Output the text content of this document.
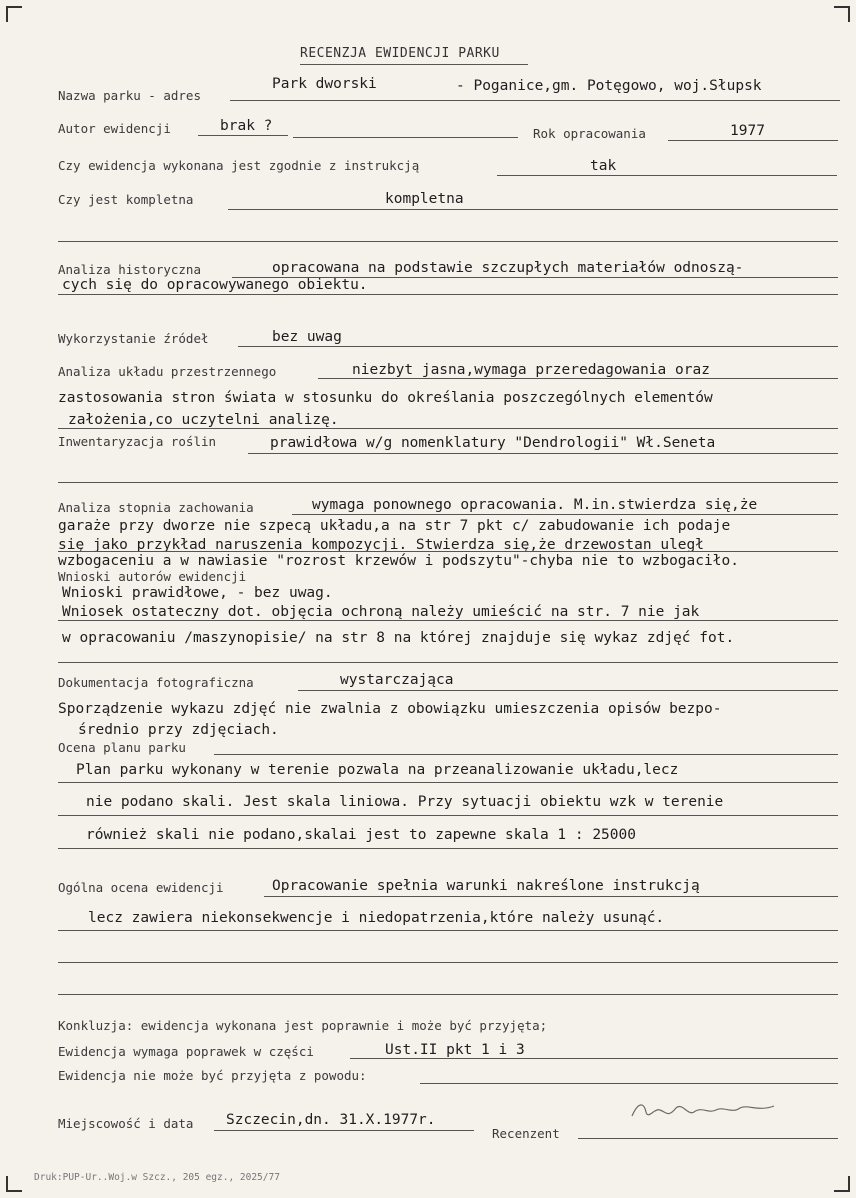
RECENZJA EWIDENCJI PARKU
Nazwa parku - adres
Park dworski	- Poganice,gm. Potęgowo, woj.Słupsk
Autor ewidencji	brak ?	Rok opracowania	1977
Czy ewidencja wykonana jest zgodnie z instrukcją	tak
Czy jest kompletna	kompletna
Analiza historyczna	opracowana na podstawie szczupłych materiałów odnoszą-
cych się do opracowywanego obiektu.
Wykorzystanie źródeł	bez uwag
Analiza układu przestrzennego	niezbyt jasna,wymaga przeredagowania oraz
zastosowania stron świata w stosunku do określania poszczególnych elementów
założenia,co uczytelni analizę.
Inwentaryzacja roślin	prawidłowa w/g nomenklatury "Dendrologii" Wł.Seneta
Analiza stopnia zachowania	wymaga ponownego opracowania. M.in.stwierdza się,że
garaże przy dworze nie szpecą układu,a na str 7 pkt c/ zabudowanie ich podaje
się jako przykład naruszenia kompozycji. Stwierdza się,że drzewostan uległ
wzbogaceniu a w nawiasie "rozrost krzewów i podszytu"-chyba nie to wzbogaciło.
Wnioski autorów ewidencji
Wnioski prawidłowe, - bez uwag.
Wniosek ostateczny dot. objęcia ochroną należy umieścić na str. 7 nie jak
w opracowaniu /maszynopisie/ na str 8 na której znajduje się wykaz zdjęć fot.
Dokumentacja fotograficzna	wystarczająca
Sporządzenie wykazu zdjęć nie zwalnia z obowiązku umieszczenia opisów bezpo-
średnio przy zdjęciach.
Ocena planu parku
Plan parku wykonany w terenie pozwala na przeanalizowanie układu,lecz
nie podano skali. Jest skala liniowa. Przy sytuacji obiektu wzk w terenie
również skali nie podano,skalai jest to zapewne skala 1 : 25000
Ogólna ocena ewidencji	Opracowanie spełnia warunki nakreślone instrukcją
lecz zawiera niekonsekwencje i niedopatrzenia,które należy usunąć.
Konkluzja: ewidencja wykonana jest poprawnie i może być przyjęta;
Ewidencja wymaga poprawek w części	Ust.II pkt 1 i 3
Ewidencja nie może być przyjęta z powodu:
Miejscowość i data Szczecin,dn. 31.X.1977r.
Recenzent
Druk:PUP-Ur..Woj.w Szcz., 205 egz., 2025/77
